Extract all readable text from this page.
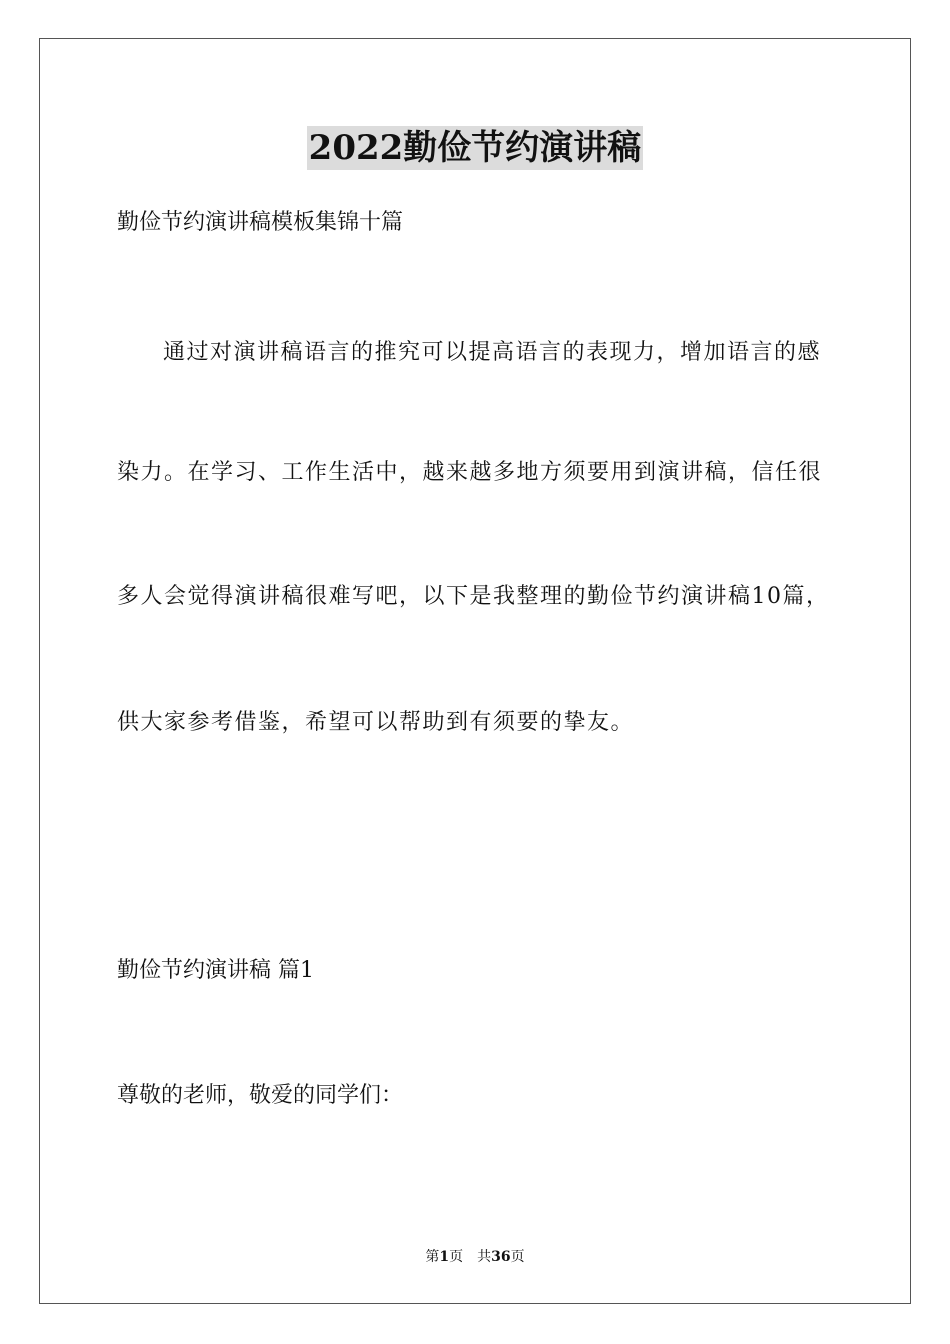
2022勤俭节约演讲稿
勤俭节约演讲稿模板集锦十篇
通过对演讲稿语言的推究可以提高语言的表现力，增加语言的感
染力。在学习、工作生活中，越来越多地方须要用到演讲稿，信任很
多人会觉得演讲稿很难写吧，以下是我整理的勤俭节约演讲稿10篇，
供大家参考借鉴，希望可以帮助到有须要的挚友。
勤俭节约演讲稿 篇1
尊敬的老师，敬爱的同学们：
第1页 共36页
